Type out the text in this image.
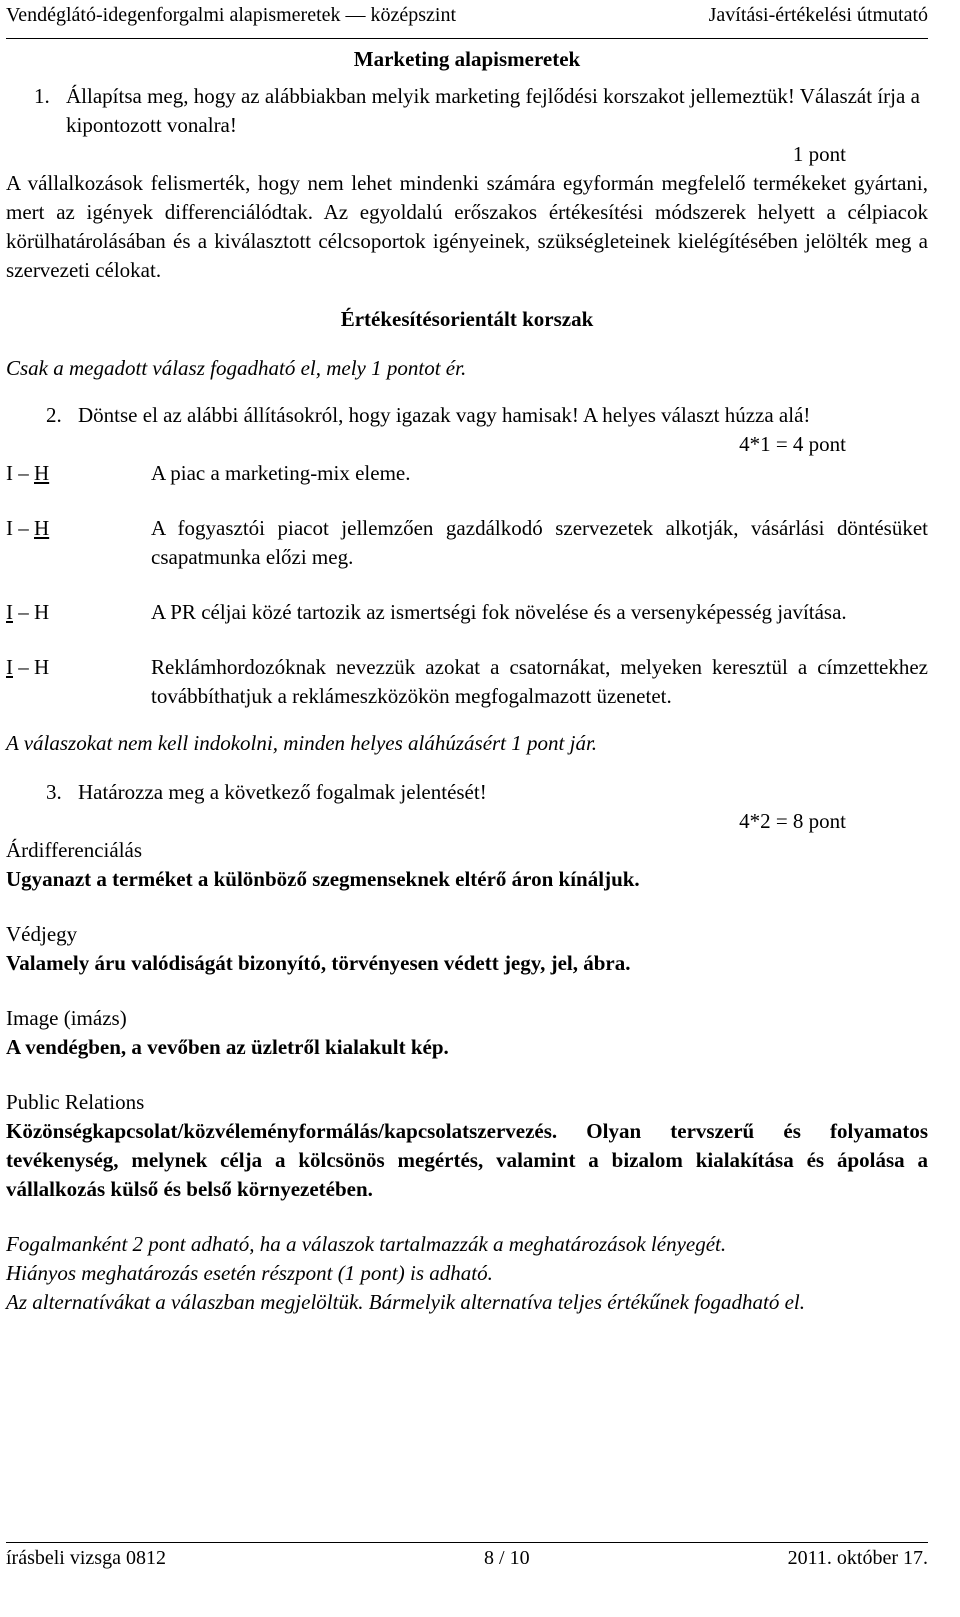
Vendéglátó-idegenforgalmi alapismeretek — középszint	Javítási-értékelési útmutató
Marketing alapismeretek
1. Állapítsa meg, hogy az alábbiakban melyik marketing fejlődési korszakot jellemeztük! Válaszát írja a kipontozott vonalra!
1 pont
A vállalkozások felismerték, hogy nem lehet mindenki számára egyformán megfelelő termékeket gyártani, mert az igények differenciálódtak. Az egyoldalú erőszakos értékesítési módszerek helyett a célpiacok körülhatárolásában és a kiválasztott célcsoportok igényeinek, szükségleteinek kielégítésében jelölték meg a szervezeti célokat.
Értékesítésorientált korszak
Csak a megadott válasz fogadható el, mely 1 pontot ér.
2. Döntse el az alábbi állításokról, hogy igazak vagy hamisak! A helyes választ húzza alá!
4*1 = 4 pont
I – H	A piac a marketing-mix eleme.
I – H	A fogyasztói piacot jellemzően gazdálkodó szervezetek alkotják, vásárlási döntésüket csapatmunka előzi meg.
I – H	A PR céljai közé tartozik az ismertségi fok növelése és a versenyképesség javítása.
I – H	Reklámhordozóknak nevezzük azokat a csatornákat, melyeken keresztül a címzettekhez továbbíthatjuk a reklámeszközökön megfogalmazott üzenetet.
A válaszokat nem kell indokolni, minden helyes aláhúzásért 1 pont jár.
3. Határozza meg a következő fogalmak jelentését!
4*2 = 8 pont
Árdifferenciálás
Ugyanazt a terméket a különböző szegmenseknek eltérő áron kínáljuk.
Védjegy
Valamely áru valódiságát bizonyító, törvényesen védett jegy, jel, ábra.
Image (imázs)
A vendégben, a vevőben az üzletről kialakult kép.
Public Relations
Közönségkapcsolat/közvéleményformálás/kapcsolatszervezés. Olyan tervszerű és folyamatos tevékenység, melynek célja a kölcsönös megértés, valamint a bizalom kialakítása és ápolása a vállalkozás külső és belső környezetében.
Fogalmanként 2 pont adható, ha a válaszok tartalmazzák a meghatározások lényegét.
Hiányos meghatározás esetén részpont (1 pont) is adható.
Az alternatívákat a válaszban megjelöltük. Bármelyik alternatíva teljes értékűnek fogadható el.
írásbeli vizsga 0812	8 / 10	2011. október 17.
